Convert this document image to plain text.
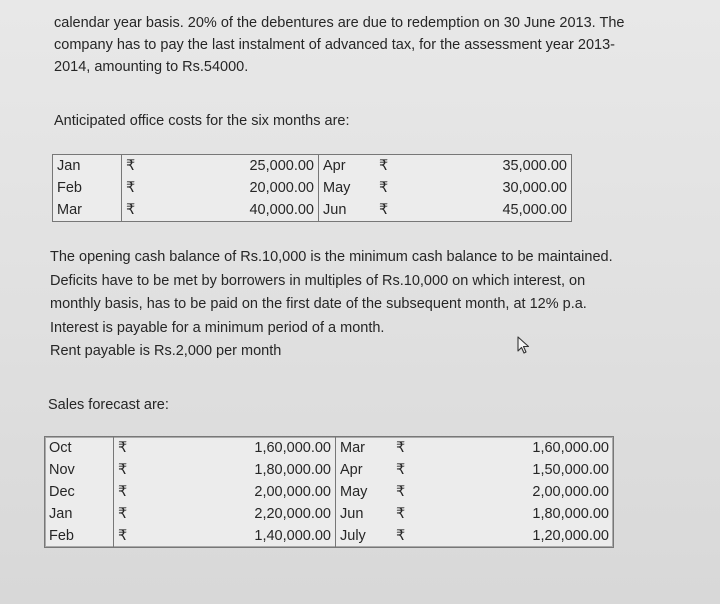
calendar year basis. 20% of the debentures are due to redemption on 30 June 2013. The
company has to pay the last instalment of advanced tax, for the assessment year 2013-
2014, amounting to Rs.54000.
Anticipated office costs for the six months are:
Jan	₹	25,000.00	Apr	₹	35,000.00
Feb	₹	20,000.00	May	₹	30,000.00
Mar	₹	40,000.00	Jun	₹	45,000.00
The opening cash balance of Rs.10,000 is the minimum cash balance to be maintained.
Deficits have to be met by borrowers in multiples of Rs.10,000 on which interest, on
monthly basis, has to be paid on the first date of the subsequent month, at 12% p.a.
Interest is payable for a minimum period of a month.
Rent payable is Rs.2,000 per month
Sales forecast are:
Oct	₹	1,60,000.00	Mar	₹	1,60,000.00
Nov	₹	1,80,000.00	Apr	₹	1,50,000.00
Dec	₹	2,00,000.00	May	₹	2,00,000.00
Jan	₹	2,20,000.00	Jun	₹	1,80,000.00
Feb	₹	1,40,000.00	July	₹	1,20,000.00
